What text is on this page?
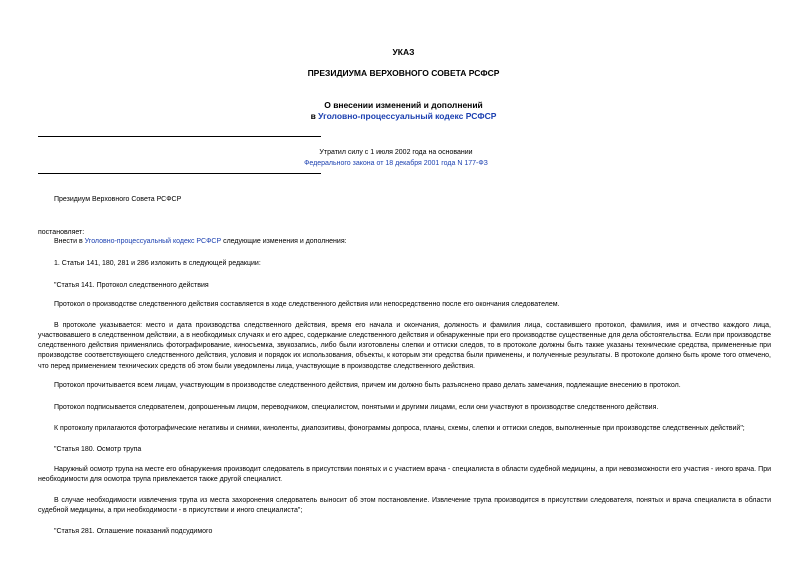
УКАЗ
ПРЕЗИДИУМА ВЕРХОВНОГО СОВЕТА РСФСР
О внесении изменений и дополнений
в Уголовно-процессуальный кодекс РСФСР
Утратил силу с 1 июля 2002 года на основании
Федерального закона от 18 декабря 2001 года N 177-ФЗ
Президиум Верховного Совета РСФСР
постановляет:
Внести в Уголовно-процессуальный кодекс РСФСР следующие изменения и дополнения:
1. Статьи 141, 180, 281 и 286 изложить в следующей редакции:
"Статья 141. Протокол следственного действия
Протокол о производстве следственного действия составляется в ходе следственного действия или непосредственно после его окончания следователем.
В протоколе указывается: место и дата производства следственного действия, время его начала и окончания, должность и фамилия лица, составившего протокол, фамилия, имя и отчество каждого лица, участвовавшего в следственном действии, а в необходимых случаях и его адрес, содержание следственного действия и обнаруженные при его производстве существенные для дела обстоятельства. Если при производстве следственного действия применялись фотографирование, киносъемка, звукозапись, либо были изготовлены слепки и оттиски следов, то в протоколе должны быть также указаны технические средства, примененные при производстве соответствующего следственного действия, условия и порядок их использования, объекты, к которым эти средства были применены, и полученные результаты. В протоколе должно быть кроме того отмечено, что перед применением технических средств об этом были уведомлены лица, участвующие в производстве следственного действия.
Протокол прочитывается всем лицам, участвующим в производстве следственного действия, причем им должно быть разъяснено право делать замечания, подлежащие внесению в протокол.
Протокол подписывается следователем, допрошенным лицом, переводчиком, специалистом, понятыми и другими лицами, если они участвуют в производстве следственного действия.
К протоколу прилагаются фотографические негативы и снимки, киноленты, диапозитивы, фонограммы допроса, планы, схемы, слепки и оттиски следов, выполненные при производстве следственных действий";
"Статья 180. Осмотр трупа
Наружный осмотр трупа на месте его обнаружения производит следователь в присутствии понятых и с участием врача - специалиста в области судебной медицины, а при невозможности его участия - иного врача. При необходимости для осмотра трупа привлекается также другой специалист.
В случае необходимости извлечения трупа из места захоронения следователь выносит об этом постановление. Извлечение трупа производится в присутствии следователя, понятых и врача специалиста в области судебной медицины, а при необходимости - в присутствии и иного специалиста";
"Статья 281. Оглашение показаний подсудимого
